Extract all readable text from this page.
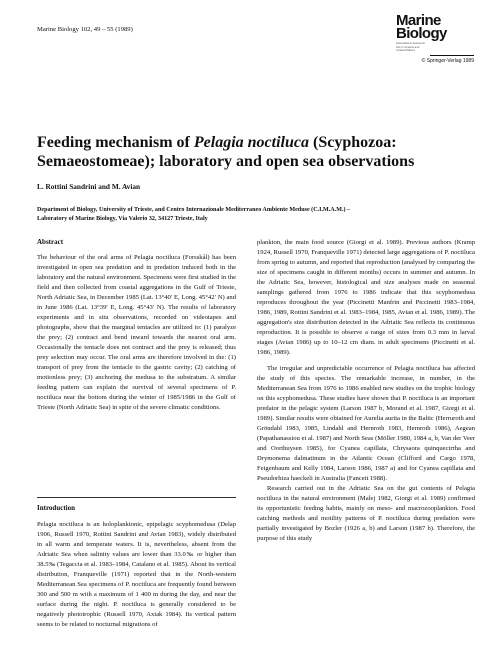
Marine Biology 102, 49 – 55 (1989)
Marine
Biology
International Journal on Life in Oceans and Coastal Waters
© Springer-Verlag 1989
Feeding mechanism of Pelagia noctiluca (Scyphozoa: Semaeostomeae); laboratory and open sea observations
L. Rottini Sandrini and M. Avian
Department of Biology, University of Trieste, and Centro Internazionale Mediterraneo Ambiente Meduse (C.I.M.A.M.) –
Laboratory of Marine Biology, Via Valerio 32, 34127 Trieste, Italy
Abstract

The behaviour of the oral arms of Pelagia noctiluca (Forsskål) has been investigated in open sea predation and in predation induced both in the laboratory and the natural environment. Specimens were first studied in the field and then collected from coastal aggregations in the Gulf of Trieste, North Adriatic Sea, in December 1985 (Lat. 13°40′ E, Long. 45°42′ N) and in June 1986 (Lat. 13°39′ E, Long. 45°43′ N). The results of laboratory experiments and in situ observations, recorded on videotapes and photographs, show that the marginal tentacles are utilized to: (1) paralyze the prey; (2) contract and bend inward towards the nearest oral arm. Occasionally the tentacle does not contract and the prey is released; thus prey selection may occur. The oral arms are therefore involved in the: (1) transport of prey from the tentacle to the gastric cavity; (2) catching of motionless prey; (3) anchoring the medusa to the substratum. A similar feeding pattern can explain the survival of several specimens of P. noctiluca near the bottom during the winter of 1985/1986 in the Gulf of Trieste (North Adriatic Sea) in spite of the severe climatic conditions.

Introduction

Pelagia noctiluca is an holoplanktonic, epipelagic scyphomedusa (Delap 1906, Russell 1970, Rottini Sandrini and Avian 1983), widely distributed in all warm and temperate waters. It is, nevertheless, absent from the Adriatic Sea when salinity values are lower than 33.0‰ or higher than 38.5‰ (Tegaccia et al. 1983–1984, Catalano et al. 1985). About its vertical distribution, Franqueville (1971) reported that in the North-western Mediterranean Sea specimens of P. noctiluca are frequently found between 300 and 500 m with a maximum of 1 400 m during the day, and near the surface during the night. P. noctiluca is generally considered to be negatively phototrophic (Russell 1970, Axiak 1984). Its vertical pattern seems to be related to nocturnal migrations of

plankton, the main food source (Giorgi et al. 1989). Previous authors (Kramp 1924, Russell 1970, Franqueville 1971) detected large aggregations of P. noctiluca from spring to autumn, and reported that reproduction (analysed by comparing the size of specimens caught in different months) occurs in summer and autumn. In the Adriatic Sea, however, histological and size analyses made on seasonal samplings gathered from 1976 to 1986 indicate that this scyphomedusa reproduces throughout the year (Piccinetti Manfrin and Piccinetti 1983–1984, 1986, 1989, Rottini Sandrini et al. 1983–1984, 1985, Avian et al. 1986, 1989). The aggregation's size distribution detected in the Adriatic Sea reflects its continuous reproduction. It is possible to observe a range of sizes from 0.3 mm in larval stages (Avian 1986) up to 10–12 cm diam. in adult specimens (Piccinetti et al. 1986, 1989).

The irregular and unpredictable occurrence of Pelagia noctiluca has affected the study of this species. The remarkable increase, in number, in the Mediterranean Sea from 1976 to 1986 enabled new studies on the trophic biology on this scyphomedusa. These studies have shown that P. noctiluca is an important predator in the pelagic system (Larson 1987 b, Morand et al. 1987, Giorgi et al. 1989). Similar results were obtained for Aurelia aurita in the Baltic (Herruroth and Gröndahl 1983, 1985, Lindahl and Hernroth 1983, Hernroth 1986), Aegean (Papathanassiou et al. 1987) and North Seas (Möller 1980, 1984 a, b, Van der Veer and Oorthuysen 1985), for Cyanea capillata, Chrysaora quinquecirrha and Drymonema dalmatinum in the Atlantic Ocean (Clifford and Cargo 1978, Feigenbaum and Kelly 1984, Larson 1986, 1987 a) and for Cyanea capillata and Pseudorhiza haeckeli in Australia (Fancett 1988).

Research carried out in the Adriatic Sea on the gut contents of Pelagia noctiluca in the natural environment (Malej 1982, Giorgi et al. 1989) confirmed its opportunistic feeding habits, mainly on meso- and macrozooplankton. Food catching methods and motility patterns of P. noctiluca during predation were partially investigated by Bozler (1926 a, b) and Larson (1987 b). Therefore, the purpose of this study
